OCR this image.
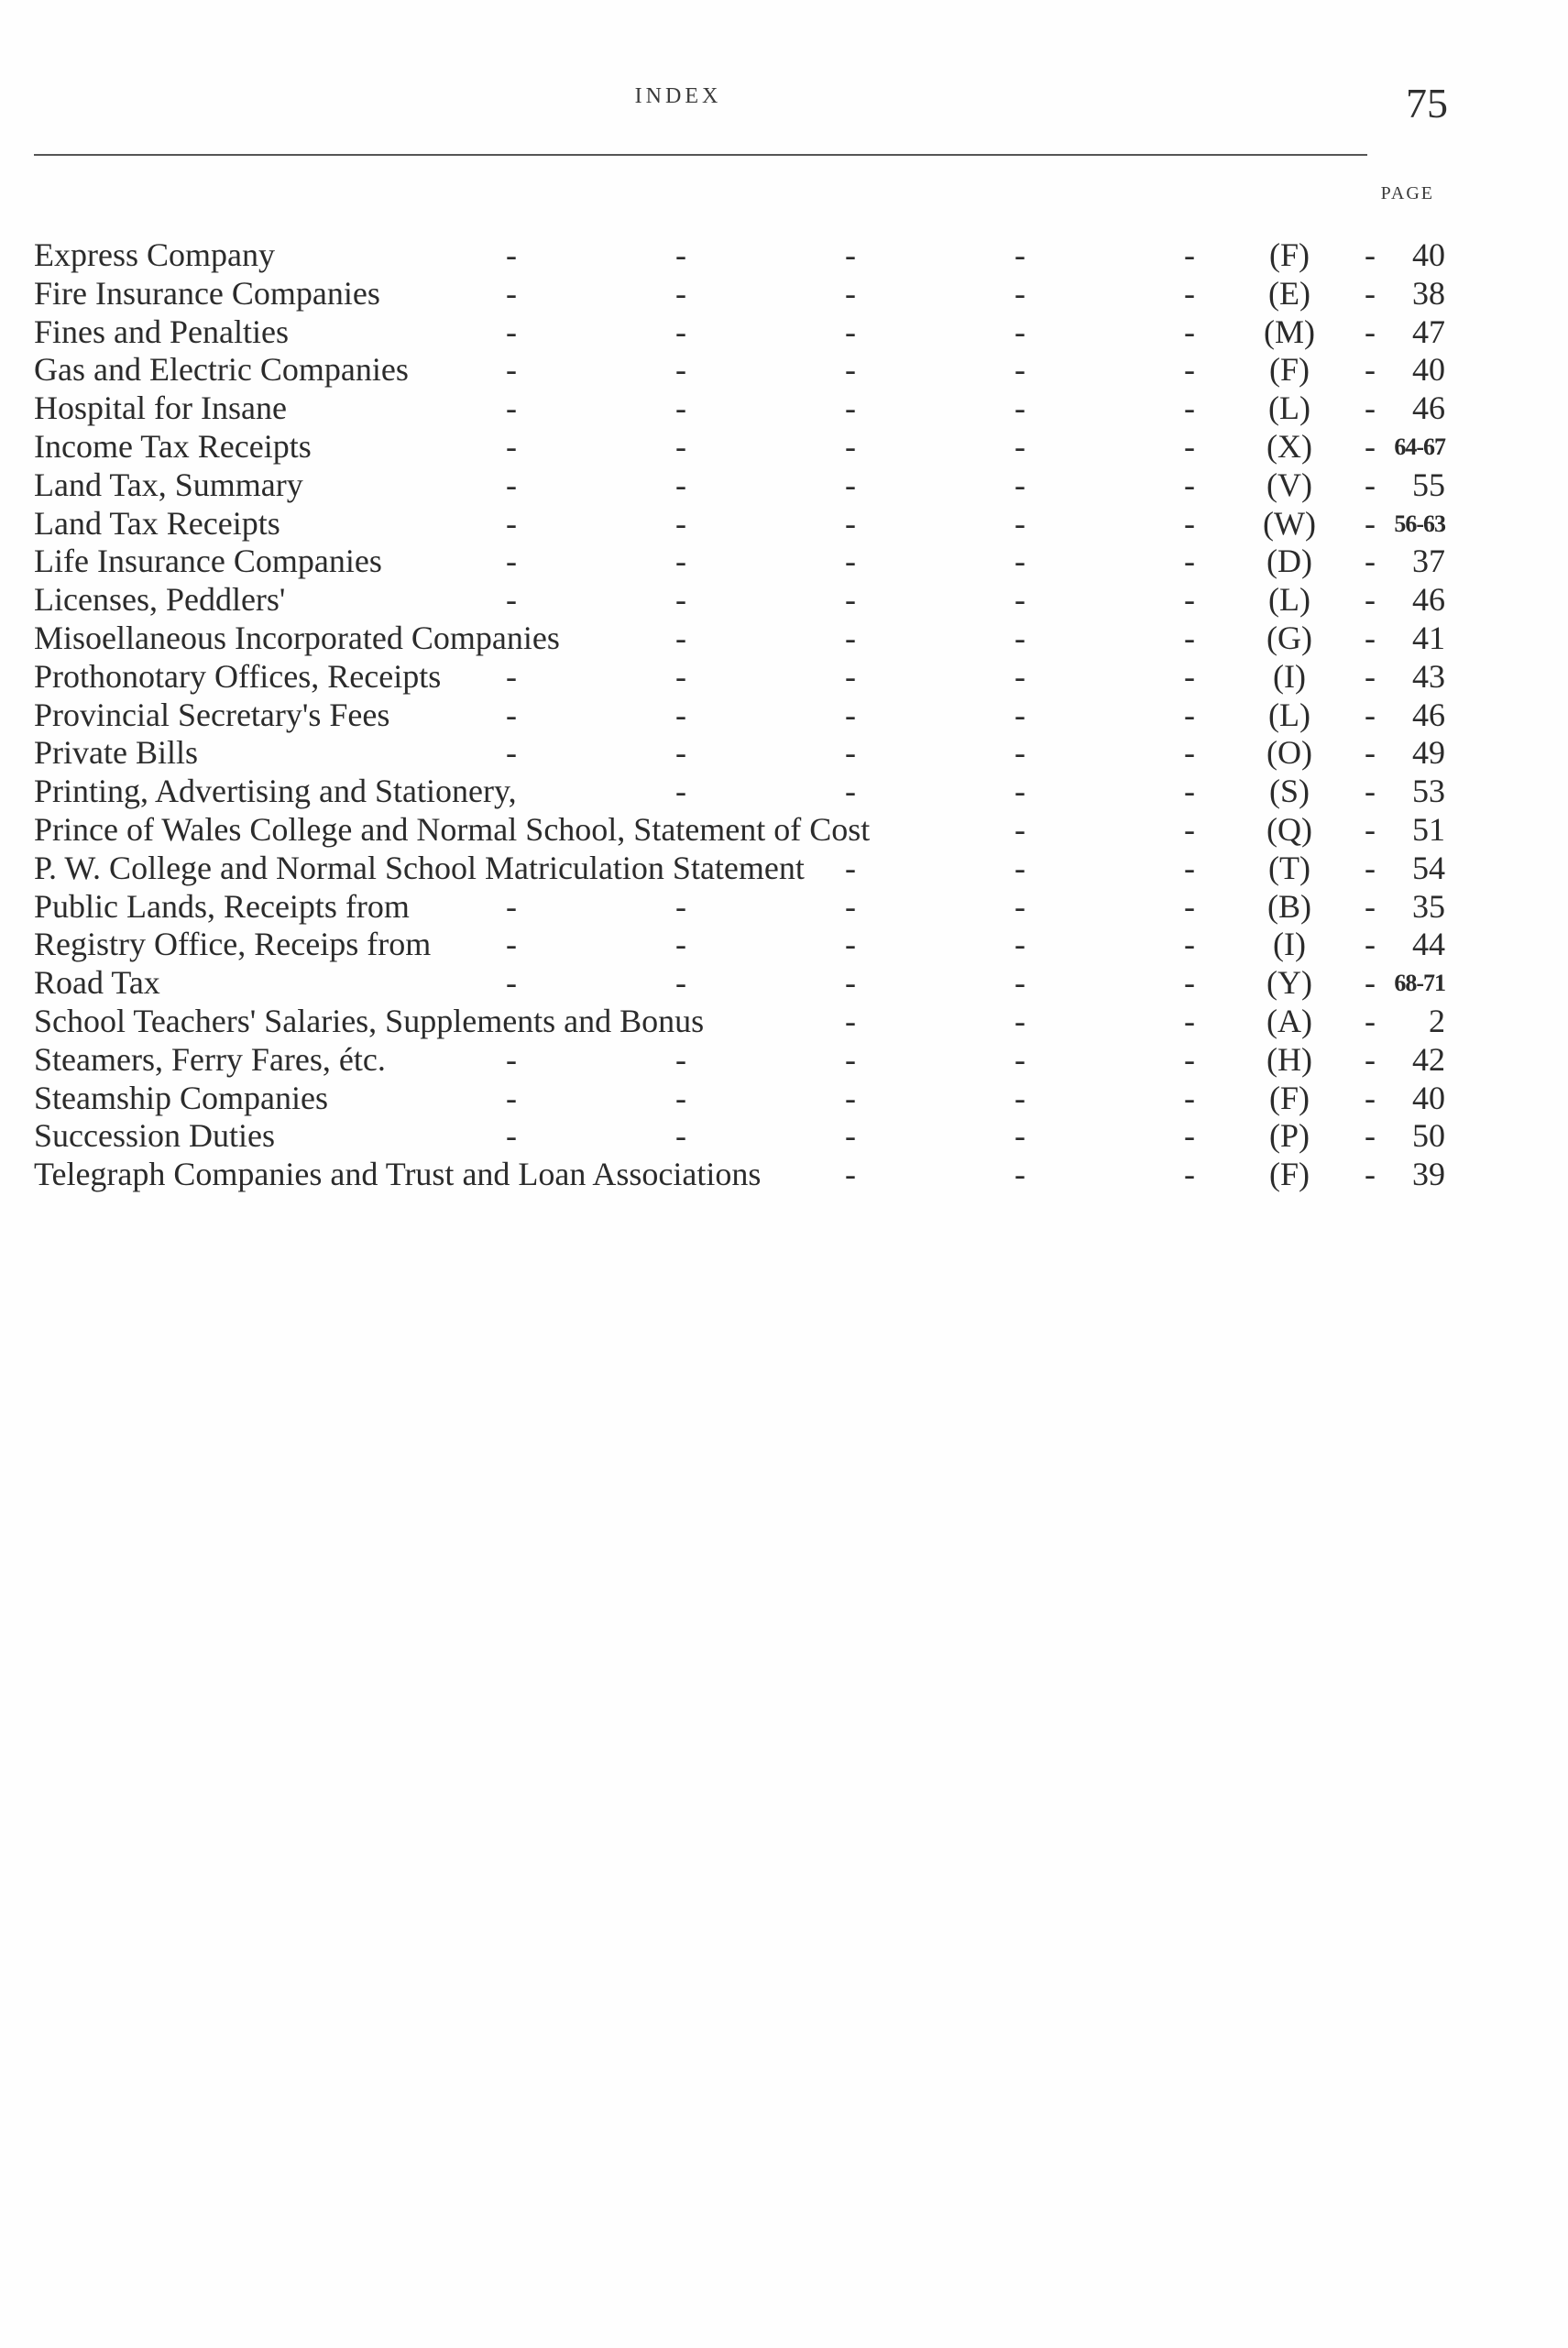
INDEX	75
PAGE
Express Company	-	-	-	-	-	(F)	-	40
Fire Insurance Companies	-	-	-	-	-	(E)	-	38
Fines and Penalties	-	-	-	-	-	(M)	-	47
Gas and Electric Companies	-	-	-	-	-	(F)	-	40
Hospital for Insane	-	-	-	-	-	(L)	-	46
Income Tax Receipts	-	-	-	-	-	(X)	- 64-67
Land Tax, Summary	-	-	-	-	-	(V)	-	55
Land Tax Receipts	-	-	-	-	-	(W)	- 56-63
Life Insurance Companies	-	-	-	-	-	(D)	-	37
Licenses, Peddlers'	-	-	-	-	-	(L)	-	46
Misoellaneous Incorporated Companies	-	-	-	-	(G)	-	41
Prothonotary Offices, Receipts -	-	-	-	-	(I)	-	43
Provincial Secretary's Fees	-	-	-	-	-	(L)	-	46
Private Bills	-	-	-	-	-	(O)	-	49
Printing, Advertising and Stationery,	-	-	-	-	(S)	-	53
Prince of Wales College and Normal School, Statement of Cost	-	-	(Q)	-	51
P. W. College and Normal School Matriculation Statement -	-	-	(T)	-	54
Public Lands, Receipts from	-	-	-	-	-	(B)	-	35
Registry Office, Receips from -	-	-	-	-	(I)	-	44
Road Tax	-	-	-	-	-	(Y)	- 68-71
School Teachers' Salaries, Supplements and Bonus	-	-	-	(A)	-	2
Steamers, Ferry Fares, étc.	-	-	-	-	-	(H)	-	42
Steamship Companies	-	-	-	-	-	(F)	-	40
Succession Duties	-	-	-	-	-	(P)	-	50
Telegraph Companies and Trust and Loan Associations	-	-	-	(F)	-	39
